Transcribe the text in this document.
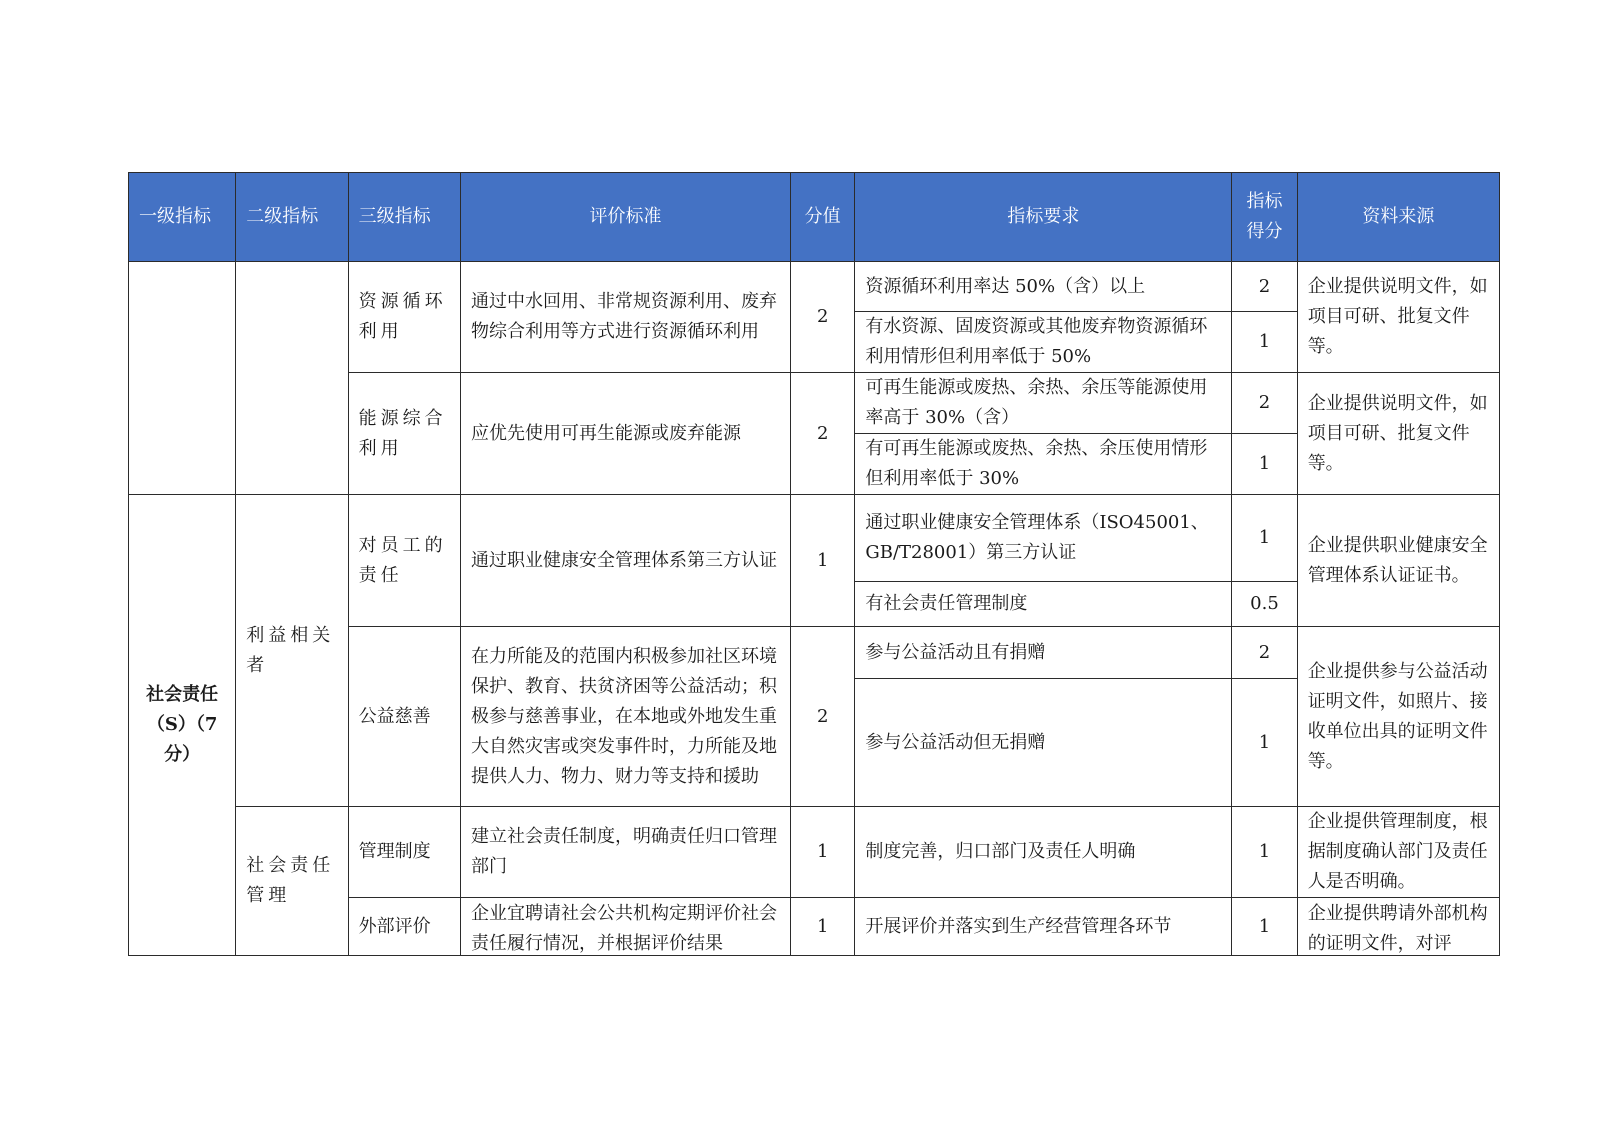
一级指标	二级指标	三级指标	评价标准	分值	指标要求	指标得分	资料来源
		资源循环利用	通过中水回用、非常规资源利用、废弃物综合利用等方式进行资源循环利用	2	资源循环利用率达 50%（含）以上	2	企业提供说明文件，如项目可研、批复文件等。
					有水资源、固废资源或其他废弃物资源循环利用情形但利用率低于 50%	1	
		能源综合利用	应优先使用可再生能源或废弃能源	2	可再生能源或废热、余热、余压等能源使用率高于 30%（含）	2	企业提供说明文件，如项目可研、批复文件等。
					有可再生能源或废热、余热、余压使用情形但利用率低于 30%	1	
社会责任（S）（7分）	利益相关者	对员工的责任	通过职业健康安全管理体系第三方认证	1	通过职业健康安全管理体系（ISO45001、GB/T28001）第三方认证	1	企业提供职业健康安全管理体系认证证书。
					有社会责任管理制度	0.5	
		公益慈善	在力所能及的范围内积极参加社区环境保护、教育、扶贫济困等公益活动；积极参与慈善事业，在本地或外地发生重大自然灾害或突发事件时，力所能及地提供人力、物力、财力等支持和援助	2	参与公益活动且有捐赠	2	企业提供参与公益活动证明文件，如照片、接收单位出具的证明文件等。
					参与公益活动但无捐赠	1	
	社会责任管理	管理制度	建立社会责任制度，明确责任归口管理部门	1	制度完善，归口部门及责任人明确	1	企业提供管理制度，根据制度确认部门及责任人是否明确。
		外部评价	企业宜聘请社会公共机构定期评价社会责任履行情况，并根据评价结果	1	开展评价并落实到生产经营管理各环节	1	企业提供聘请外部机构的证明文件，对评
